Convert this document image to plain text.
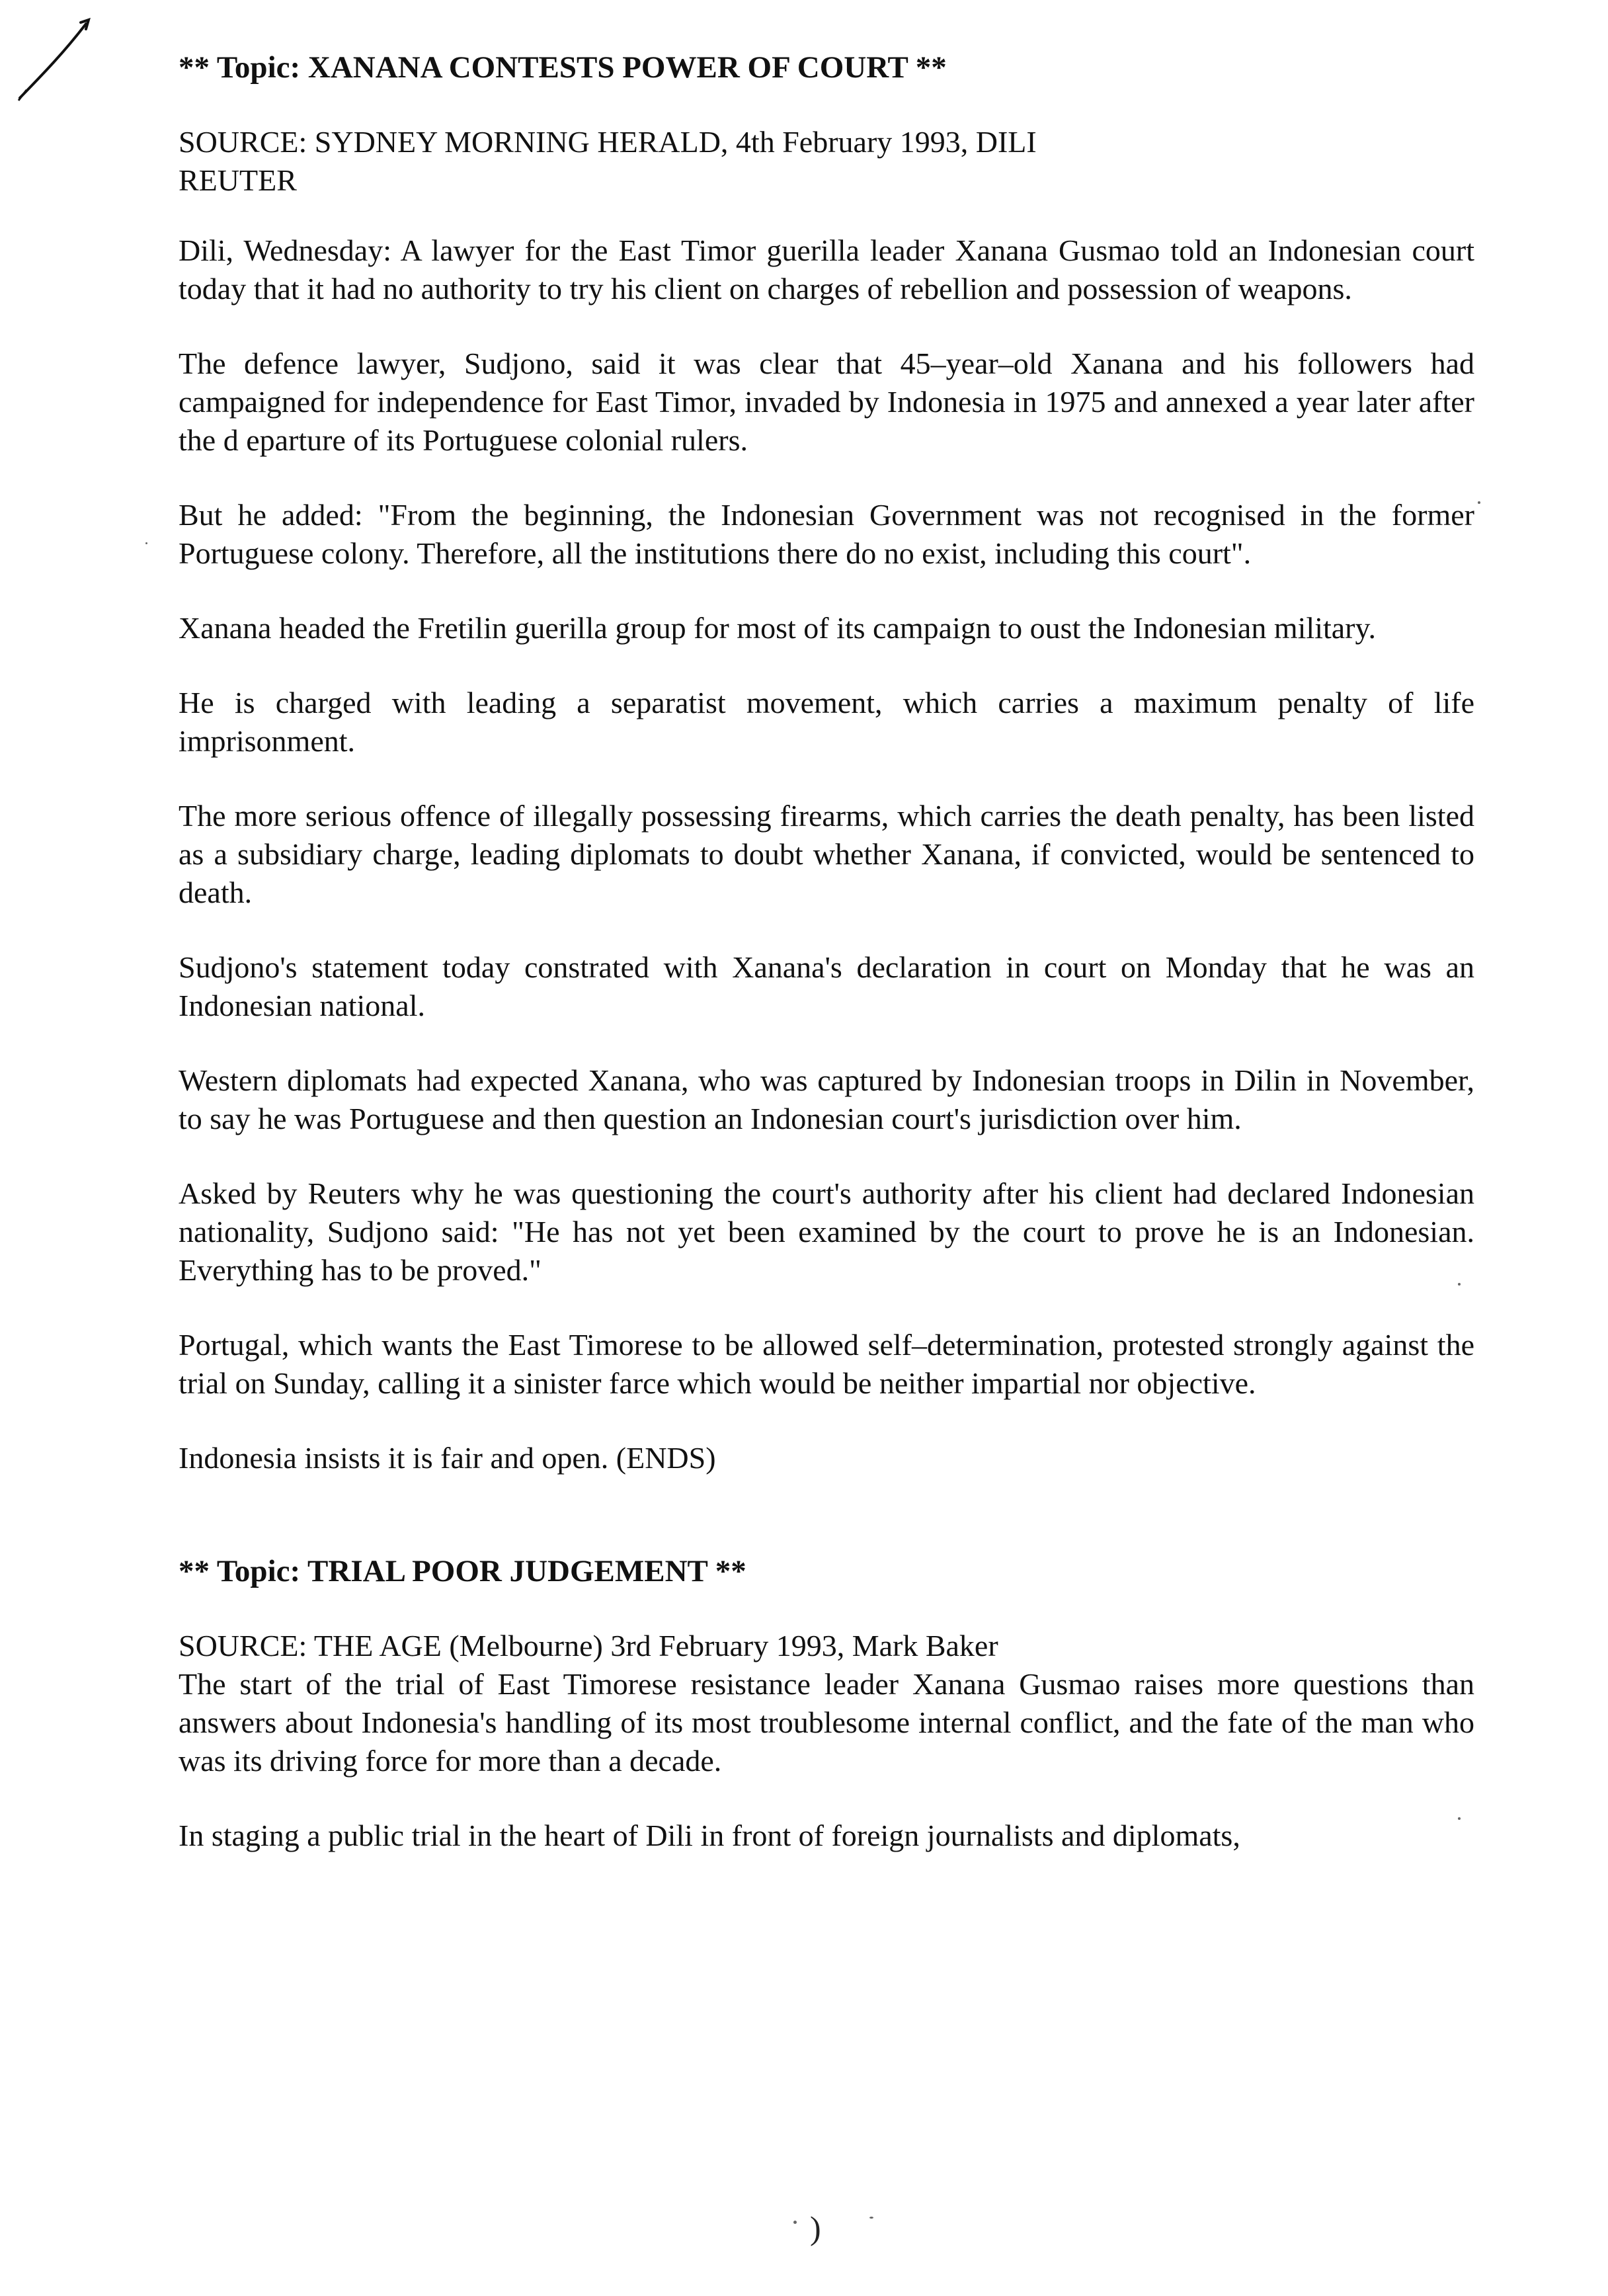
** Topic: XANANA CONTESTS POWER OF COURT **
SOURCE: SYDNEY MORNING HERALD, 4th February 1993, DILI
REUTER

Dili, Wednesday: A lawyer for the East Timor guerilla leader Xanana Gusmao told an Indonesian court today that it had no authority to try his client on charges of rebellion and possession of weapons.

The defence lawyer, Sudjono, said it was clear that 45–year–old Xanana and his followers had campaigned for independence for East Timor, invaded by Indonesia in 1975 and annexed a year later after the d eparture of its Portuguese colonial rulers.

But he added: "From the beginning, the Indonesian Government was not recognised in the former Portuguese colony. Therefore, all the institutions there do no exist, including this court".

Xanana headed the Fretilin guerilla group for most of its campaign to oust the Indonesian military.

He is charged with leading a separatist movement, which carries a maximum penalty of life imprisonment.

The more serious offence of illegally possessing firearms, which carries the death penalty, has been listed as a subsidiary charge, leading diplomats to doubt whether Xanana, if convicted, would be sentenced to death.

Sudjono's statement today constrated with Xanana's declaration in court on Monday that he was an Indonesian national.

Western diplomats had expected Xanana, who was captured by Indonesian troops in Dilin in November, to say he was Portuguese and then question an Indonesian court's jurisdiction over him.

Asked by Reuters why he was questioning the court's authority after his client had declared Indonesian nationality, Sudjono said: "He has not yet been examined by the court to prove he is an Indonesian. Everything has to be proved."

Portugal, which wants the East Timorese to be allowed self–determination, protested strongly against the trial on Sunday, calling it a sinister farce which would be neither impartial nor objective.

Indonesia insists it is fair and open. (ENDS)

** Topic: TRIAL POOR JUDGEMENT **
SOURCE: THE AGE (Melbourne) 3rd February 1993, Mark Baker

The start of the trial of East Timorese resistance leader Xanana Gusmao raises more questions than answers about Indonesia's handling of its most troublesome internal conflict, and the fate of the man who was its driving force for more than a decade.

In staging a public trial in the heart of Dili in front of foreign journalists and diplomats,

)
